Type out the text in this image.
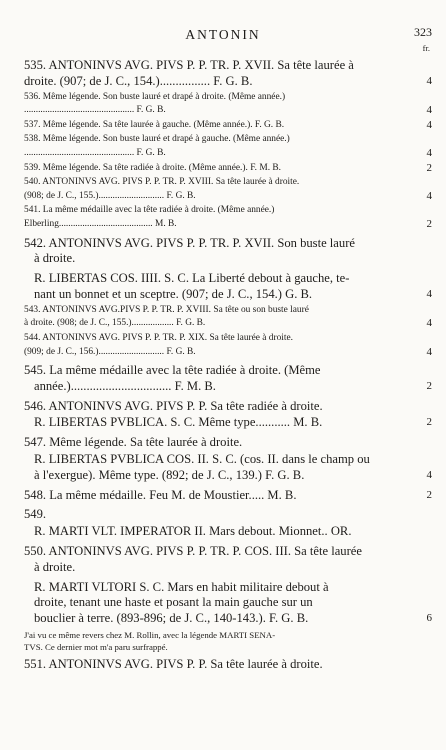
ANTONIN	323
fr.
535. ANTONINVS AVG. PIVS P. P. TR. P. XVII. Sa tête laurée à
droite. (907; de J. C., 154.)................ F. G. B.	4
536. Même légende. Son buste lauré et drapé à droite. (Même année.)
............................................... F. G. B.	4
537. Même légende. Sa tête laurée à gauche. (Même année.). F. G. B.	4
538. Même légende. Son buste lauré et drapé à gauche. (Même année.)
............................................... F. G. B.	4
539. Même légende. Sa tête radiée à droite. (Même année.). F. M. B.	2
540. ANTONINVS AVG. PIVS P. P. TR. P. XVIII. Sa tête laurée à droite.
(908; de J. C., 155.)............................ F. G. B.	4
541. La même médaille avec la tête radiée à droite. (Même année.)
Elberling........................................ M. B.	2
542. ANTONINVS AVG. PIVS P. P. TR. P. XVII. Son buste lauré
à droite.
R. LIBERTAS COS. IIII. S. C. La Liberté debout à gauche, te-
nant un bonnet et un sceptre. (907; de J. C., 154.) G. B.	4
543. ANTONINVS AVG.PIVS P. P. TR. P. XVIII. Sa tête ou son buste lauré
à droite. (908; de J. C., 155.).................. F. G. B.	4
544. ANTONINVS AVG. PIVS P. P. TR. P. XIX. Sa tête laurée à droite.
(909; de J. C., 156.)............................ F. G. B.	4
545. La même médaille avec la tête radiée à droite. (Même
année.)................................ F. M. B.	2
546. ANTONINVS AVG. PIVS P. P. Sa tête radiée à droite.
R. LIBERTAS PVBLICA. S. C. Même type........... M. B.	2
547. Même légende. Sa tête laurée à droite.
R. LIBERTAS PVBLICA COS. II. S. C. (cos. II. dans le champ ou
à l'exergue). Même type. (892; de J. C., 139.) F. G. B.	4
548. La même médaille. Feu M. de Moustier..... M. B.	2
549.
R. MARTI VLT. IMPERATOR II. Mars debout. Mionnet.. OR.
550. ANTONINVS AVG. PIVS P. P. TR. P. COS. III. Sa tête laurée
à droite.
R. MARTI VLTORI S. C. Mars en habit militaire debout à
droite, tenant une haste et posant la main gauche sur un
bouclier à terre. (893-896; de J. C., 140-143.). F. G. B.	6
J'ai vu ce même revers chez M. Rollin, avec la légende MARTI SENA-
TVS. Ce dernier mot m'a paru surfrappé.
551. ANTONINVS AVG. PIVS P. P. Sa tête laurée à droite.
